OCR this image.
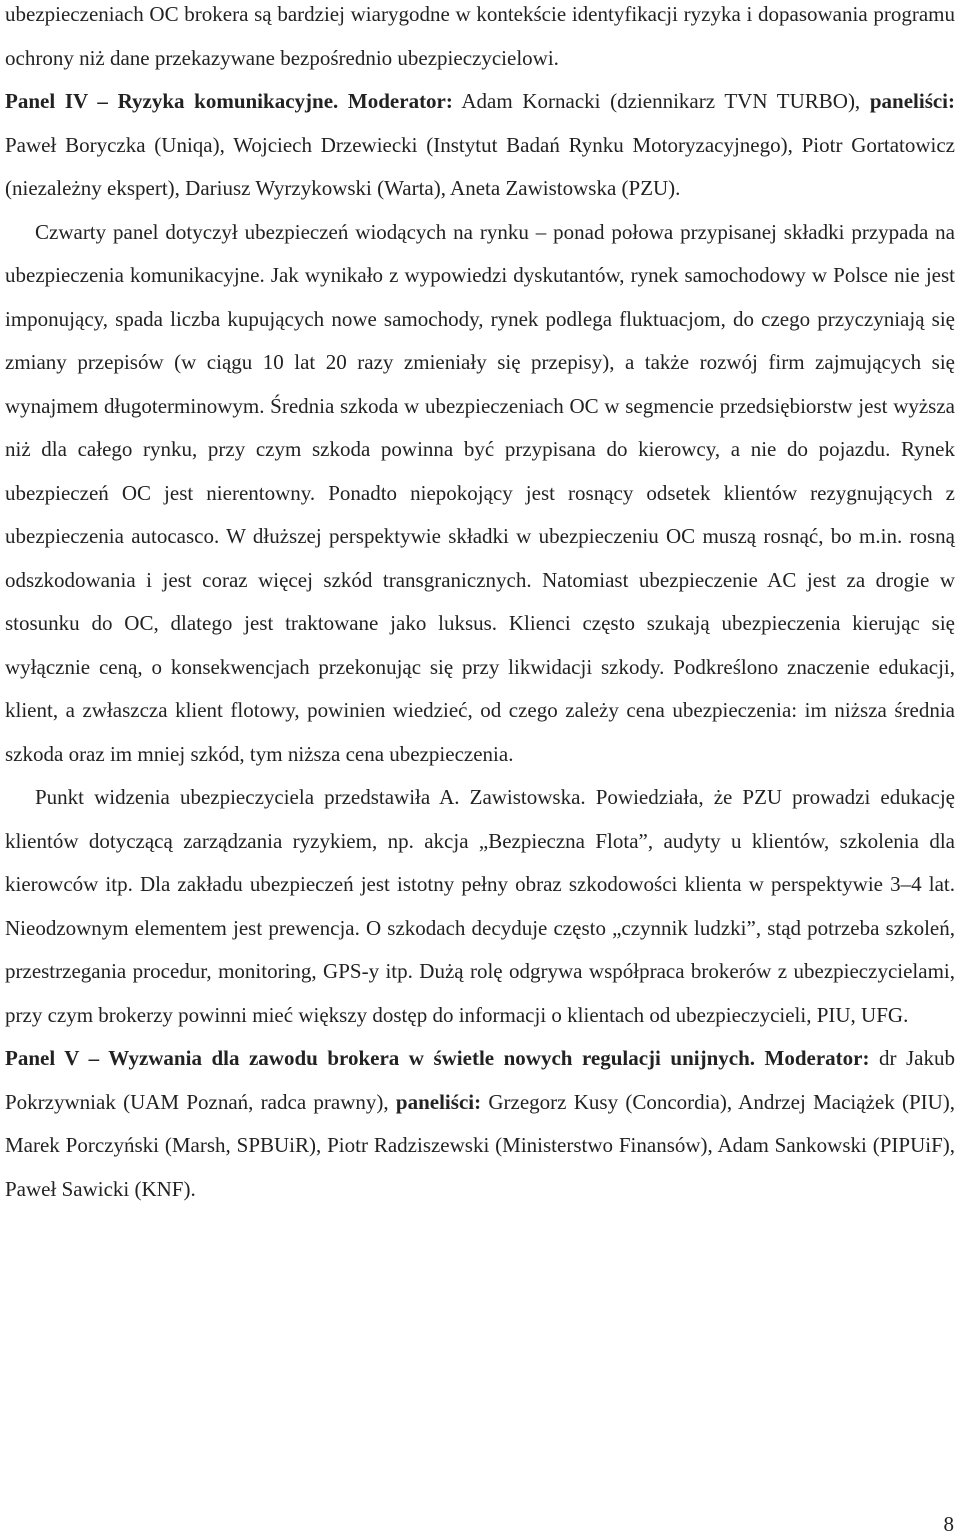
ubezpieczeniach OC brokera są bardziej wiarygodne w kontekście identyfikacji ryzyka i dopasowania programu ochrony niż dane przekazywane bezpośrednio ubezpieczycielowi.

Panel IV – Ryzyka komunikacyjne. Moderator: Adam Kornacki (dziennikarz TVN TURBO), paneliści: Paweł Boryczka (Uniqa), Wojciech Drzewiecki (Instytut Badań Rynku Motoryzacyjnego), Piotr Gortatowicz (niezależny ekspert), Dariusz Wyrzykowski (Warta), Aneta Zawistowska (PZU).

Czwarty panel dotyczył ubezpieczeń wiodących na rynku – ponad połowa przypisanej składki przypada na ubezpieczenia komunikacyjne. Jak wynikało z wypowiedzi dyskutantów, rynek samochodowy w Polsce nie jest imponujący, spada liczba kupujących nowe samochody, rynek podlega fluktuacjom, do czego przyczyniają się zmiany przepisów (w ciągu 10 lat 20 razy zmieniały się przepisy), a także rozwój firm zajmujących się wynajmem długoterminowym. Średnia szkoda w ubezpieczeniach OC w segmencie przedsiębiorstw jest wyższa niż dla całego rynku, przy czym szkoda powinna być przypisana do kierowcy, a nie do pojazdu. Rynek ubezpieczeń OC jest nierentowny. Ponadto niepokojący jest rosnący odsetek klientów rezygnujących z ubezpieczenia autocasco. W dłuższej perspektywie składki w ubezpieczeniu OC muszą rosnąć, bo m.in. rosną odszkodowania i jest coraz więcej szkód transgranicznych. Natomiast ubezpieczenie AC jest za drogie w stosunku do OC, dlatego jest traktowane jako luksus. Klienci często szukają ubezpieczenia kierując się wyłącznie ceną, o konsekwencjach przekonując się przy likwidacji szkody. Podkreślono znaczenie edukacji, klient, a zwłaszcza klient flotowy, powinien wiedzieć, od czego zależy cena ubezpieczenia: im niższa średnia szkoda oraz im mniej szkód, tym niższa cena ubezpieczenia.

Punkt widzenia ubezpieczyciela przedstawiła A. Zawistowska. Powiedziała, że PZU prowadzi edukację klientów dotyczącą zarządzania ryzykiem, np. akcja „Bezpieczna Flota”, audyty u klientów, szkolenia dla kierowców itp. Dla zakładu ubezpieczeń jest istotny pełny obraz szkodowości klienta w perspektywie 3–4 lat. Nieodzownym elementem jest prewencja. O szkodach decyduje często „czynnik ludzki”, stąd potrzeba szkoleń, przestrzegania procedur, monitoring, GPS-y itp. Dużą rolę odgrywa współpraca brokerów z ubezpieczycielami, przy czym brokerzy powinni mieć większy dostęp do informacji o klientach od ubezpieczycieli, PIU, UFG.

Panel V – Wyzwania dla zawodu brokera w świetle nowych regulacji unijnych. Moderator: dr Jakub Pokrzywniak (UAM Poznań, radca prawny), paneliści: Grzegorz Kusy (Concordia), Andrzej Maciążek (PIU), Marek Porczyński (Marsh, SPBUiR), Piotr Radziszewski (Ministerstwo Finansów), Adam Sankowski (PIPUiF), Paweł Sawicki (KNF).

8
